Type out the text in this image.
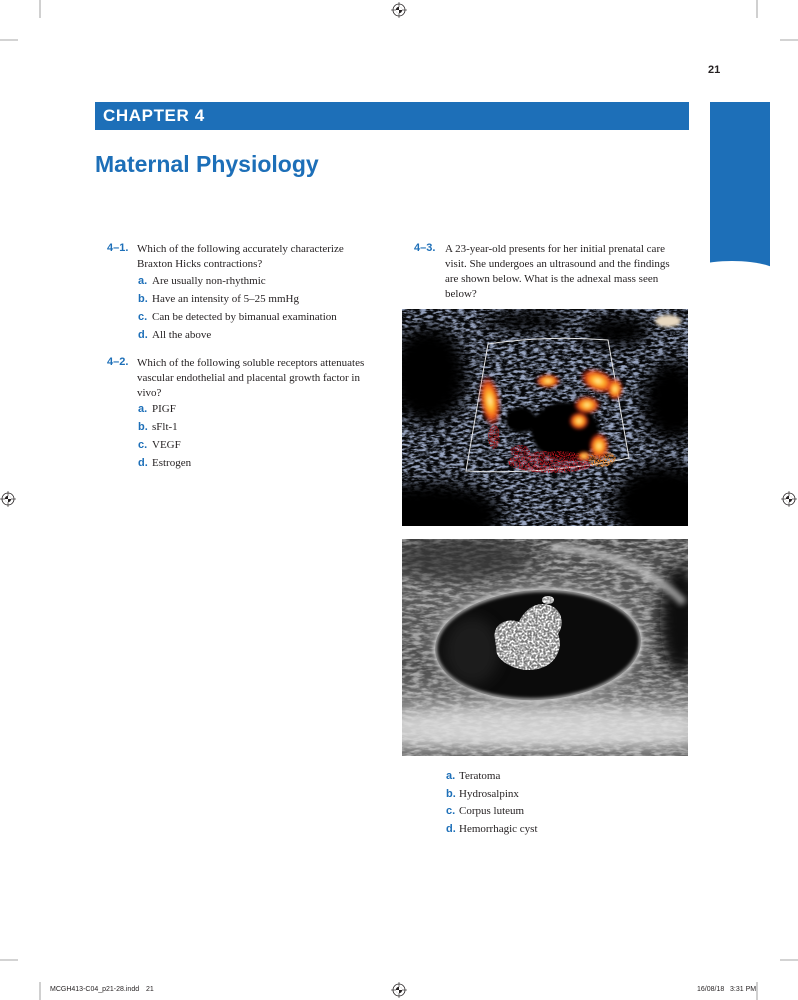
21
CHAPTER 4
Maternal Physiology
4–1. Which of the following accurately characterize
Braxton Hicks contractions?
a. Are usually non-rhythmic
b. Have an intensity of 5–25 mmHg
c. Can be detected by bimanual examination
d. All the above
4–2. Which of the following soluble receptors attenuates
vascular endothelial and placental growth factor in
vivo?
a. PIGF
b. sFlt-1
c. VEGF
d. Estrogen
4–3. A 23-year-old presents for her initial prenatal care
visit. She undergoes an ultrasound and the findings
are shown below. What is the adnexal mass seen
below?
a. Teratoma
b. Hydrosalpinx
c. Corpus luteum
d. Hemorrhagic cyst
MCGH413-C04_p21-28.indd 21	16/08/18 3:31 PM
